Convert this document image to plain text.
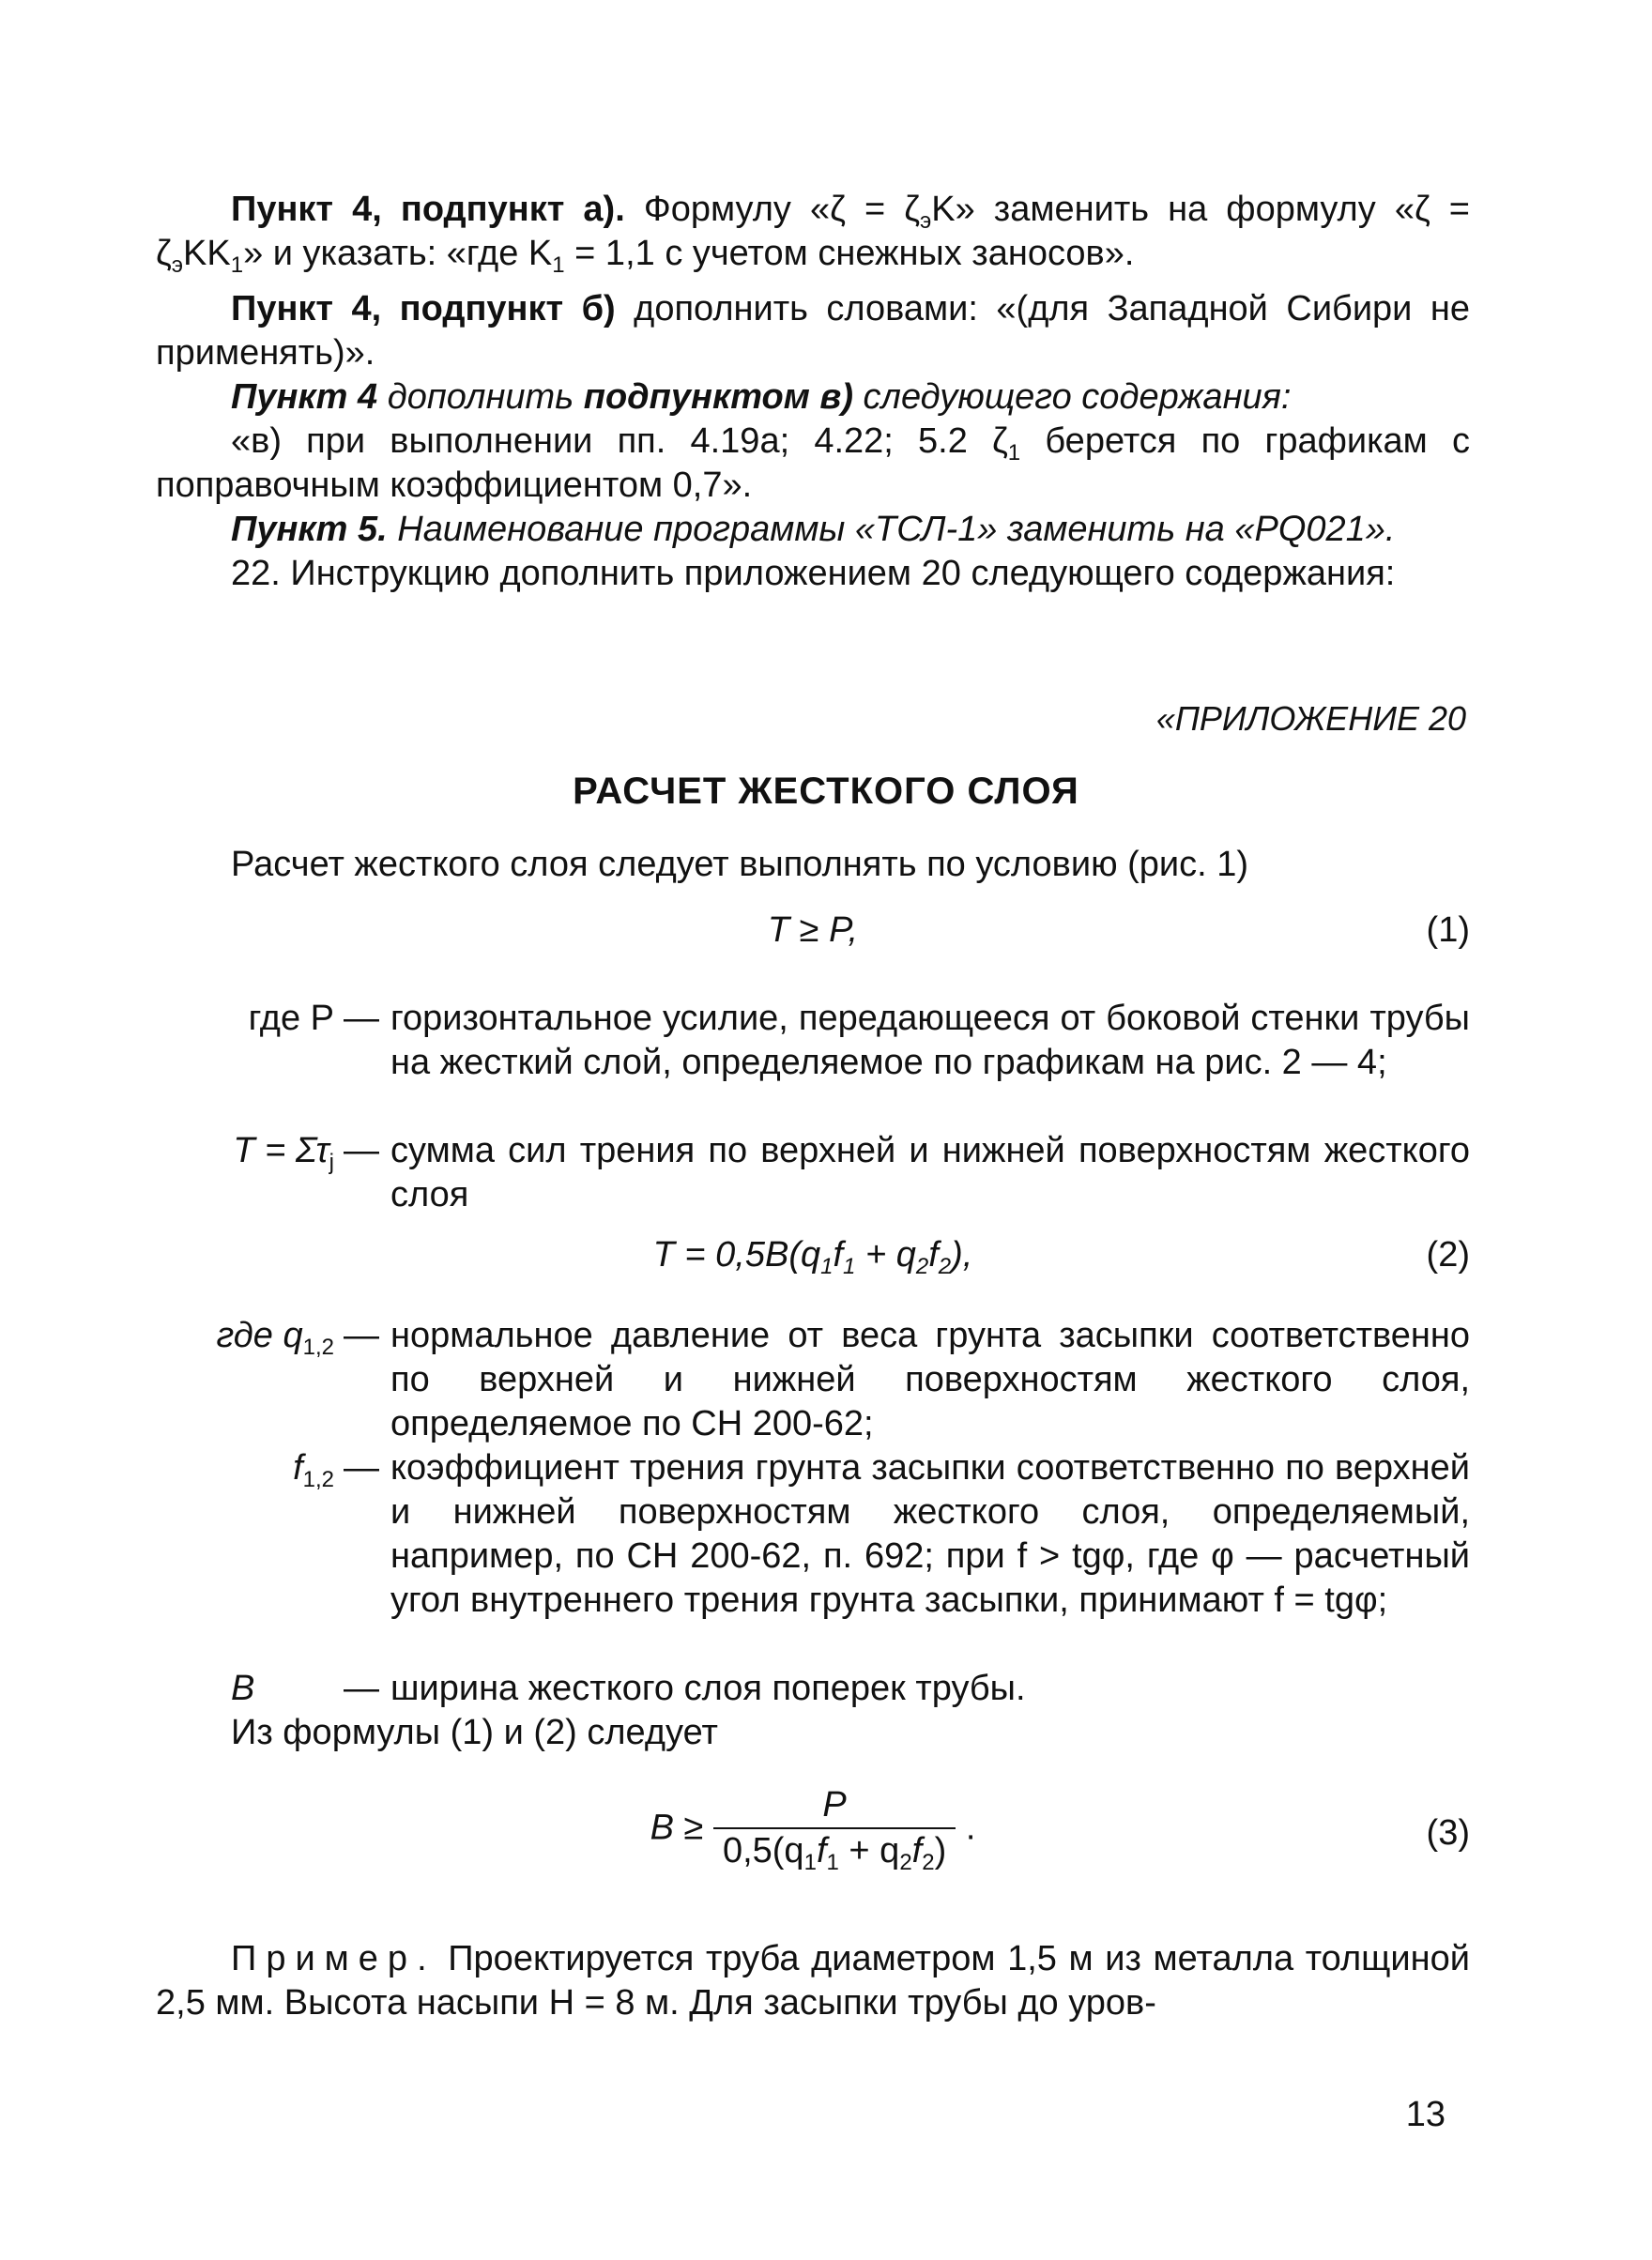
Пункт 4, подпункт а). Формулу «$\zeta = \zeta_эK$» заменить на формулу «$\zeta = \zeta_эKK_1$» и указать: «где $K_1 = 1,1$ с учетом снежных заносов».

Пункт 4, подпункт б) дополнить словами: «(для Западной Сибири не применять)».

Пункт 4 дополнить подпунктом в) следующего содержания:

«в) при выполнении пп. 4.19а; 4.22; 5.2 $\zeta_1$ берется по графикам с поправочным коэффициентом 0,7».

Пункт 5. Наименование программы «ТСЛ-1» заменить на «PQ021».

22. Инструкцию дополнить приложением 20 следующего содержания:

«ПРИЛОЖЕНИЕ 20
РАСЧЕТ ЖЕСТКОГО СЛОЯ

Расчет жесткого слоя следует выполнять по условию (рис. 1)

T ≥ P,	(1)
где P — горизонтальное усилие, передающееся от боковой стенки трубы на жесткий слой, определяемое по графикам на рис. 2 — 4;
$T = \Sigma\tau_j$ — сумма сил трения по верхней и нижней поверхностям жесткого слоя
$T = 0,5B(q_1f_1 + q_2f_2)$,	(2)
где $q_{1,2}$ — нормальное давление от веса грунта засыпки соответственно по верхней и нижней поверхностям жесткого слоя, определяемое по СН 200-62;
$f_{1,2}$ — коэффициент трения грунта засыпки соответственно по верхней и нижней поверхностям жесткого слоя, определяемый, например, по СН 200-62, п. 692; при f > tgφ, где φ — расчетный угол внутреннего трения грунта засыпки, принимают f = tgφ;
B	— ширина жесткого слоя поперек трубы.

Из формулы (1) и (2) следует

$B \ge \frac{P}{0,5(q_1f_1 + q_2f_2)}$ .	(3)

Пример. Проектируется труба диаметром 1,5 м из металла толщиной 2,5 мм. Высота насыпи H = 8 м. Для засыпки трубы до уров-

13
